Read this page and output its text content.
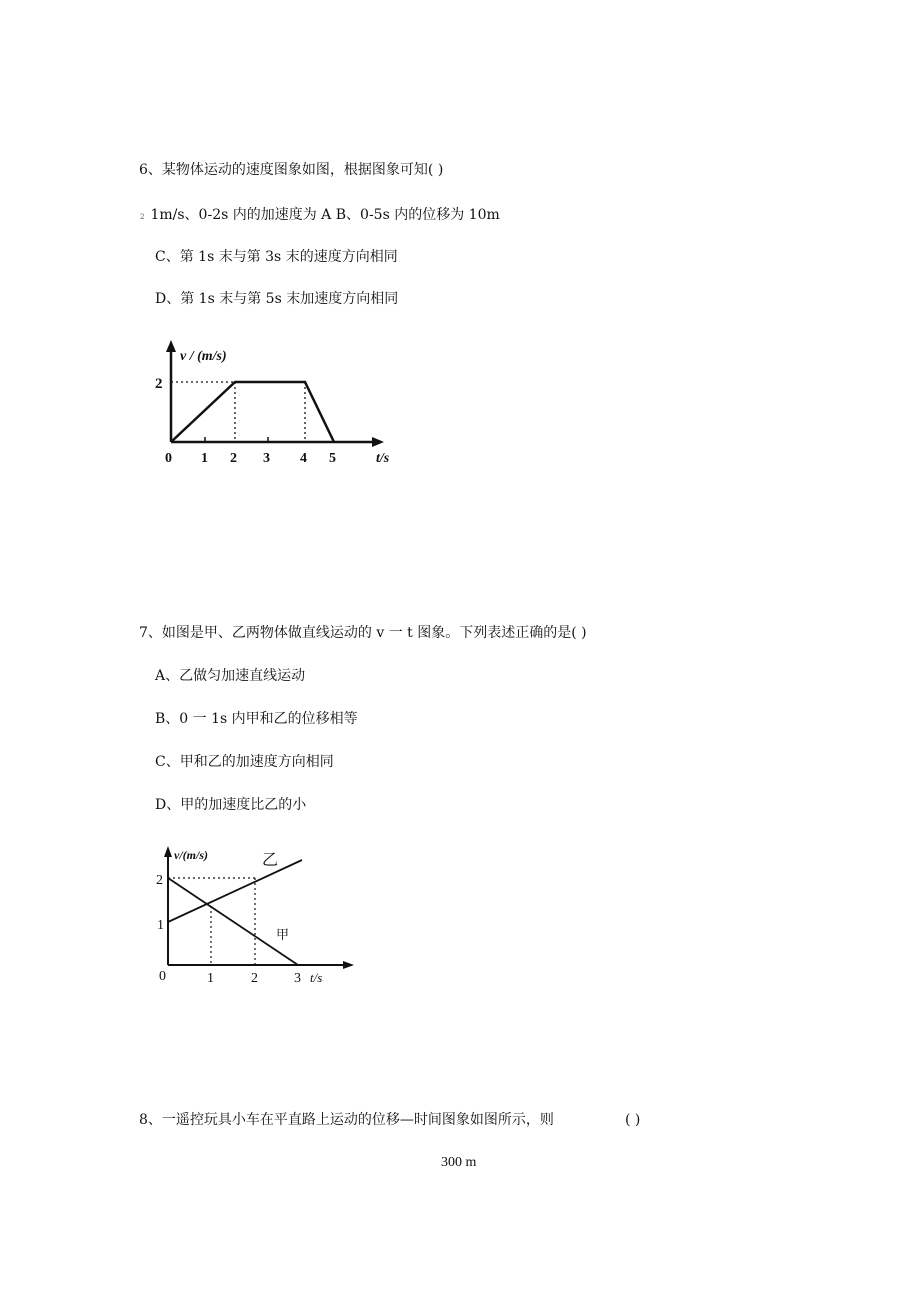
6、某物体运动的速度图象如图，根据图象可知( )
2 1m/s、0-2s 内的加速度为 A B、0-5s 内的位移为 10m
C、第 1s 末与第 3s 末的速度方向相同
D、第 1s 末与第 5s 末加速度方向相同
v / (m/s)
2
0 1 2 3 4 5	t/s
7、如图是甲、乙两物体做直线运动的 v 一 t 图象。下列表述正确的是( )
A、乙做匀加速直线运动
B、0 一 1s 内甲和乙的位移相等
C、甲和乙的加速度方向相同
D、甲的加速度比乙的小
v/(m/s)	乙
甲
2
1
0	1	2	3 t/s
8、一遥控玩具小车在平直路上运动的位移—时间图象如图所示，则	( )
300 m
